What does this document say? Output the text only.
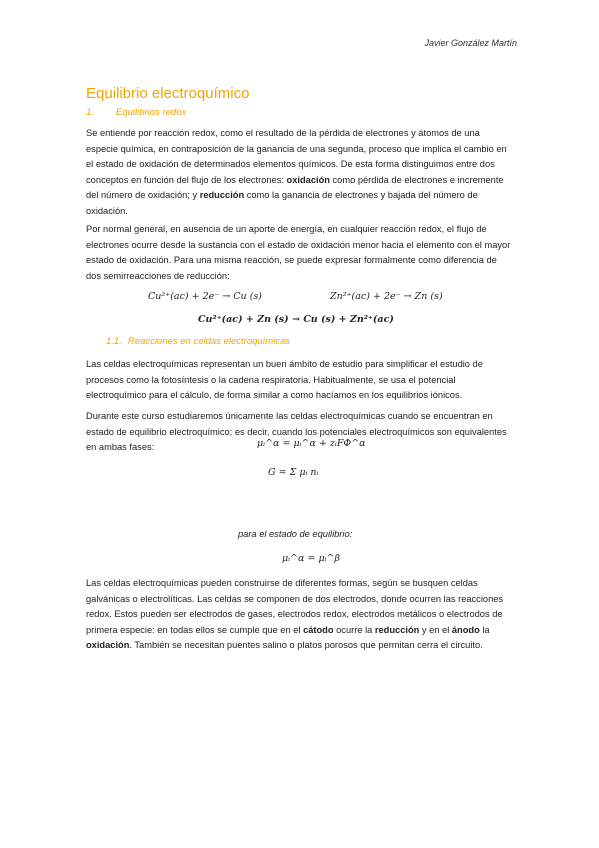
Javier González Martín
Equilibrio electroquímico
1. Equilibrios redox

Se entiende por reacción redox, como el resultado de la pérdida de electrones y átomos de una especie química, en contraposición de la ganancia de una segunda, proceso que implica el cambio en el estado de oxidación de determinados elementos químicos. De esta forma distinguimos entre dos conceptos en función del flujo de los electrones: oxidación como pérdida de electrones e incremente del número de oxidación; y reducción como la ganancia de electrones y bajada del número de oxidación.

Por normal general, en ausencia de un aporte de energía, en cualquier reacción redox, el flujo de electrones ocurre desde la sustancia con el estado de oxidación menor hacia el elemento con el mayor estado de oxidación. Para una misma reacción, se puede expresar formalmente como diferencia de dos semirreacciones de reducción:

Cu²⁺(ac) + 2e⁻ → Cu (s)	Zn²⁺(ac) + 2e⁻ → Zn (s)
Cu²⁺(ac) + Zn (s) → Cu (s) + Zn²⁺(ac)
1.1. Reacciones en celdas electroquímicas

Las celdas electroquímicas representan un buen ámbito de estudio para simplificar el estudio de procesos como la fotosíntesis o la cadena respiratoria. Habitualmente, se usa el potencial electroquímico para el cálculo, de forma similar a como hacíamos en los equilibrios iónicos.

Durante este curso estudiaremos únicamente las celdas electroquímicas cuando se encuentran en estado de equilibrio electroquímico; es decir, cuando los potenciales electroquímicos son equivalentes en ambas fases:	μᵢ^α = μᵢ^α + zᵢFΦ^α
G = Σ μᵢ nᵢ
para el estado de equilibrio:
μᵢ^α = μᵢ^β

Las celdas electroquímicas pueden construirse de diferentes formas, según se busquen celdas galvánicas o electrolíticas. Las celdas se componen de dos electrodos, donde ocurren las reacciones redox. Estos pueden ser electrodos de gases, electrodos redox, electrodos metálicos o electrodos de primera especie: en todas ellos se cumple que en el cátodo ocurre la reducción y en el ánodo la oxidación. También se necesitan puentes salino o platos porosos que permitan cerra el circuito.
